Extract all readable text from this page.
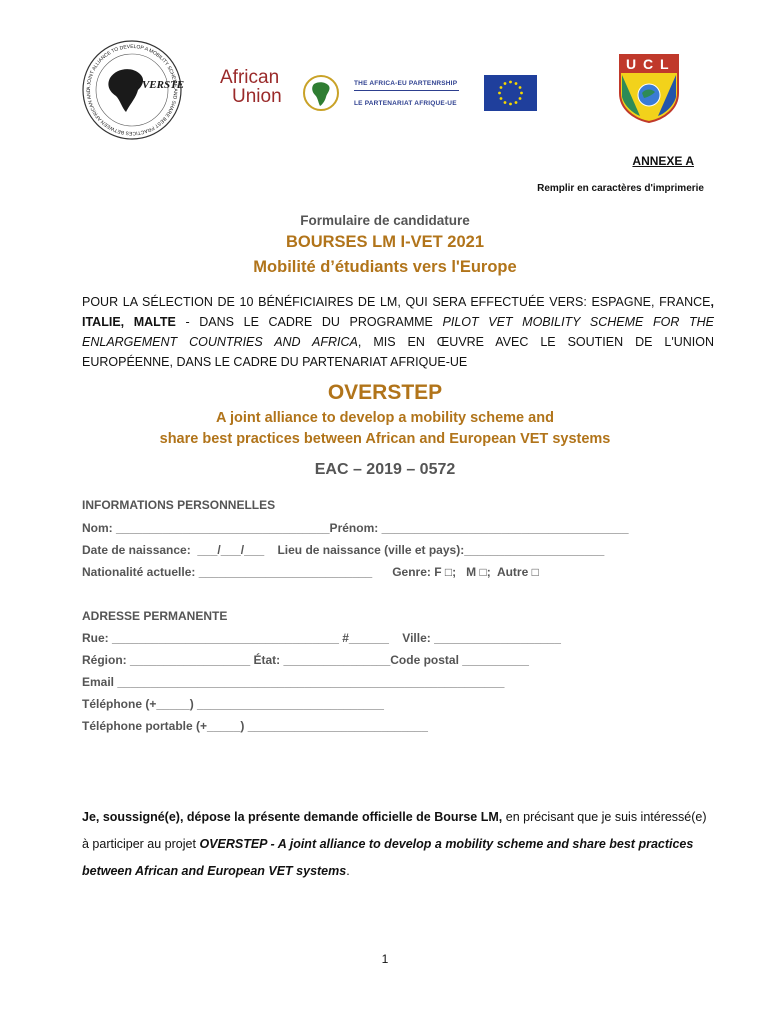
A JOINT ALLIANCE TO DEVELOP A MOBILITY SCHEME AND SHARE BEST PRACTICES BETWEEN AFRICAN AND	OVERSTE	African
Union
THE AFRICA-EU PARTENRSHIP
LE PARTENARIAT AFRIQUE-UE
U C L
ANNEXE A
Remplir en caractères d'imprimerie
Formulaire de candidature
BOURSES LM I-VET 2021
Mobilité d’étudiants vers l'Europe
POUR LA SÉLECTION DE 10 BÉNÉFICIAIRES DE LM, QUI SERA EFFECTUÉE VERS: ESPAGNE, FRANCE, ITALIE, MALTE - DANS LE CADRE DU PROGRAMME PILOT VET MOBILITY SCHEME FOR THE ENLARGEMENT COUNTRIES AND AFRICA, MIS EN ŒUVRE AVEC LE SOUTIEN DE L'UNION EUROPÉENNE, DANS LE CADRE DU PARTENARIAT AFRIQUE-UE
OVERSTEP
A joint alliance to develop a mobility scheme and
share best practices between African and European VET systems
EAC – 2019 – 0572
INFORMATIONS PERSONNELLES
Nom: ________________________________Prénom: _____________________________________
Date de naissance:  ___/___/___    Lieu de naissance (ville et pays):_____________________
Nationalité actuelle: __________________________      Genre: F □;   M □;  Autre □
ADRESSE PERMANENTE
Rue: __________________________________ #______    Ville: ___________________
Région: __________________ État: ________________Code postal __________
Email __________________________________________________________
Téléphone (+_____) ____________________________
Téléphone portable (+_____) ___________________________
Je, soussigné(e), dépose la présente demande officielle de Bourse LM, en précisant que je suis intéressé(e) à participer au projet OVERSTEP - A joint alliance to develop a mobility scheme and share best practices between African and European VET systems.
1
